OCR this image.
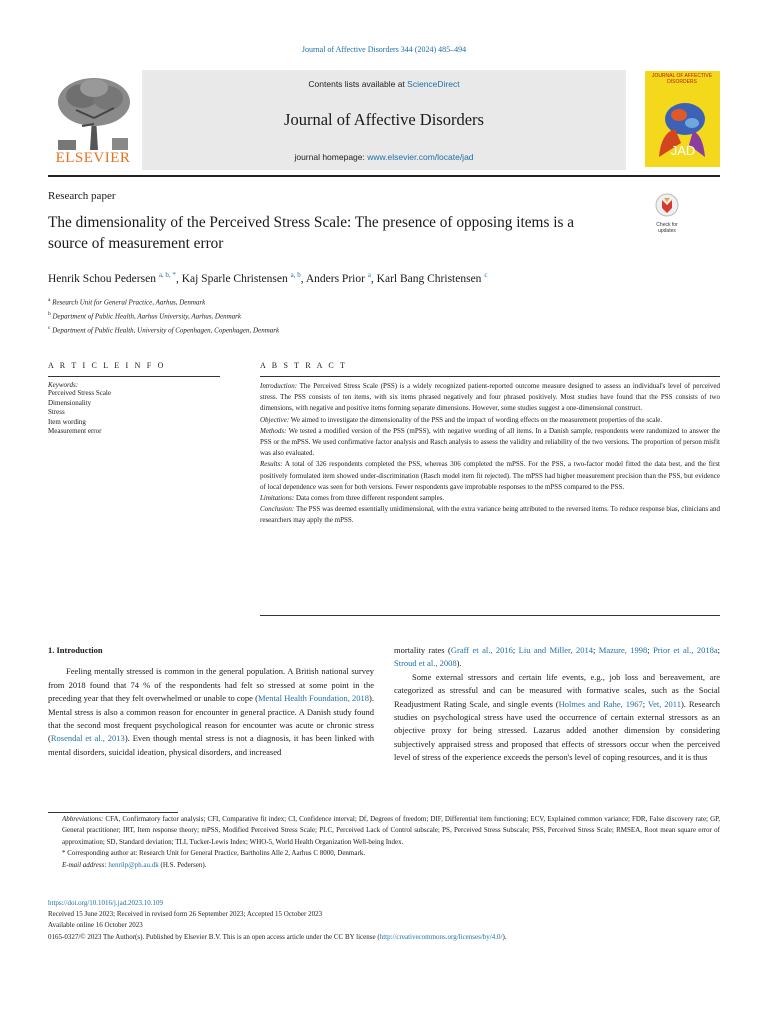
Journal of Affective Disorders 344 (2024) 485–494
ELSEVIER
Contents lists available at ScienceDirect
Journal of Affective Disorders
journal homepage: www.elsevier.com/locate/jad
JOURNAL OF AFFECTIVE DISORDERS
JAD
Research paper
The dimensionality of the Perceived Stress Scale: The presence of opposing items is a source of measurement error
Check for updates
Henrik Schou Pedersen $^{a, b, *}$, Kaj Sparle Christensen $^{a, b}$, Anders Prior $^a$, Karl Bang Christensen $^c$
$^a$ Research Unit for General Practice, Aarhus, Denmark
$^b$ Department of Public Health, Aarhus University, Aarhus, Denmark
$^c$ Department of Public Health, University of Copenhagen, Copenhagen, Denmark
A R T I C L E I N F O
Keywords:
Perceived Stress Scale
Dimensionality
Stress
Item wording
Measurement error
A B S T R A C T

Introduction: The Perceived Stress Scale (PSS) is a widely recognized patient-reported outcome measure designed to assess an individual's level of perceived stress. The PSS consists of ten items, with six items phrased negatively and four phrased positively. Most studies have found that the PSS consists of two dimensions, with negative and positive items forming separate dimensions. However, some studies suggest a one-dimensional construct.

Objective: We aimed to investigate the dimensionality of the PSS and the impact of wording effects on the measurement properties of the scale.

Methods: We tested a modified version of the PSS (mPSS), with negative wording of all items. In a Danish sample, respondents were randomized to answer the PSS or the mPSS. We used confirmative factor analysis and Rasch analysis to assess the validity and reliability of the two versions. The proportion of person misfit was also evaluated.

Results: A total of 326 respondents completed the PSS, whereas 306 completed the mPSS. For the PSS, a two-factor model fitted the data best, and the first positively formulated item showed under-discrimination (Rasch model item fit rejected). The mPSS had higher measurement precision than the PSS, but evidence of local dependence was seen for both versions. Fewer respondents gave improbable responses to the mPSS compared to the PSS.

Limitations: Data comes from three different respondent samples.

Conclusion: The PSS was deemed essentially unidimensional, with the extra variance being attributed to the reversed items. To reduce response bias, clinicians and researchers may apply the mPSS.

1. Introduction

Feeling mentally stressed is common in the general population. A British national survey from 2018 found that 74 % of the respondents had felt so stressed at some point in the preceding year that they felt overwhelmed or unable to cope (Mental Health Foundation, 2018). Mental stress is also a common reason for encounter in general practice. A Danish study found that the second most frequent psychological reason for encounter was acute or chronic stress (Rosendal et al., 2013). Even though mental stress is not a diagnosis, it has been linked with mental disorders, suicidal ideation, physical disorders, and increased

mortality rates (Graff et al., 2016; Liu and Miller, 2014; Mazure, 1998; Prior et al., 2018a; Stroud et al., 2008).

Some external stressors and certain life events, e.g., job loss and bereavement, are categorized as stressful and can be measured with formative scales, such as the Social Readjustment Rating Scale, and single events (Holmes and Rahe, 1967; Vet, 2011). Research studies on psychological stress have used the occurrence of certain external stressors as an objective proxy for being stressed. Lazarus added another dimension by considering subjectively appraised stress and proposed that effects of stressors occur when the perceived level of stress of the experience exceeds the person's level of coping resources, and it is thus

Abbreviations: CFA, Confirmatory factor analysis; CFI, Comparative fit index; CI, Confidence interval; Df, Degrees of freedom; DIF, Differential item functioning; ECV, Explained common variance; FDR, False discovery rate; GP, General practitioner; IRT, Item response theory; mPSS, Modified Perceived Stress Scale; PLC, Perceived Lack of Control subscale; PS, Perceived Stress Subscale; PSS, Perceived Stress Scale; RMSEA, Root mean square error of approximation; SD, Standard deviation; TLI, Tucker-Lewis Index; WHO-5, World Health Organization Well-being Index.
* Corresponding author at: Research Unit for General Practice, Bartholins Alle 2, Aarhus C 8000, Denmark.
E-mail address: henrilp@ph.au.dk (H.S. Pedersen).
https://doi.org/10.1016/j.jad.2023.10.109
Received 15 June 2023; Received in revised form 26 September 2023; Accepted 15 October 2023
Available online 16 October 2023
0165-0327/© 2023 The Author(s). Published by Elsevier B.V. This is an open access article under the CC BY license (http://creativecommons.org/licenses/by/4.0/).
